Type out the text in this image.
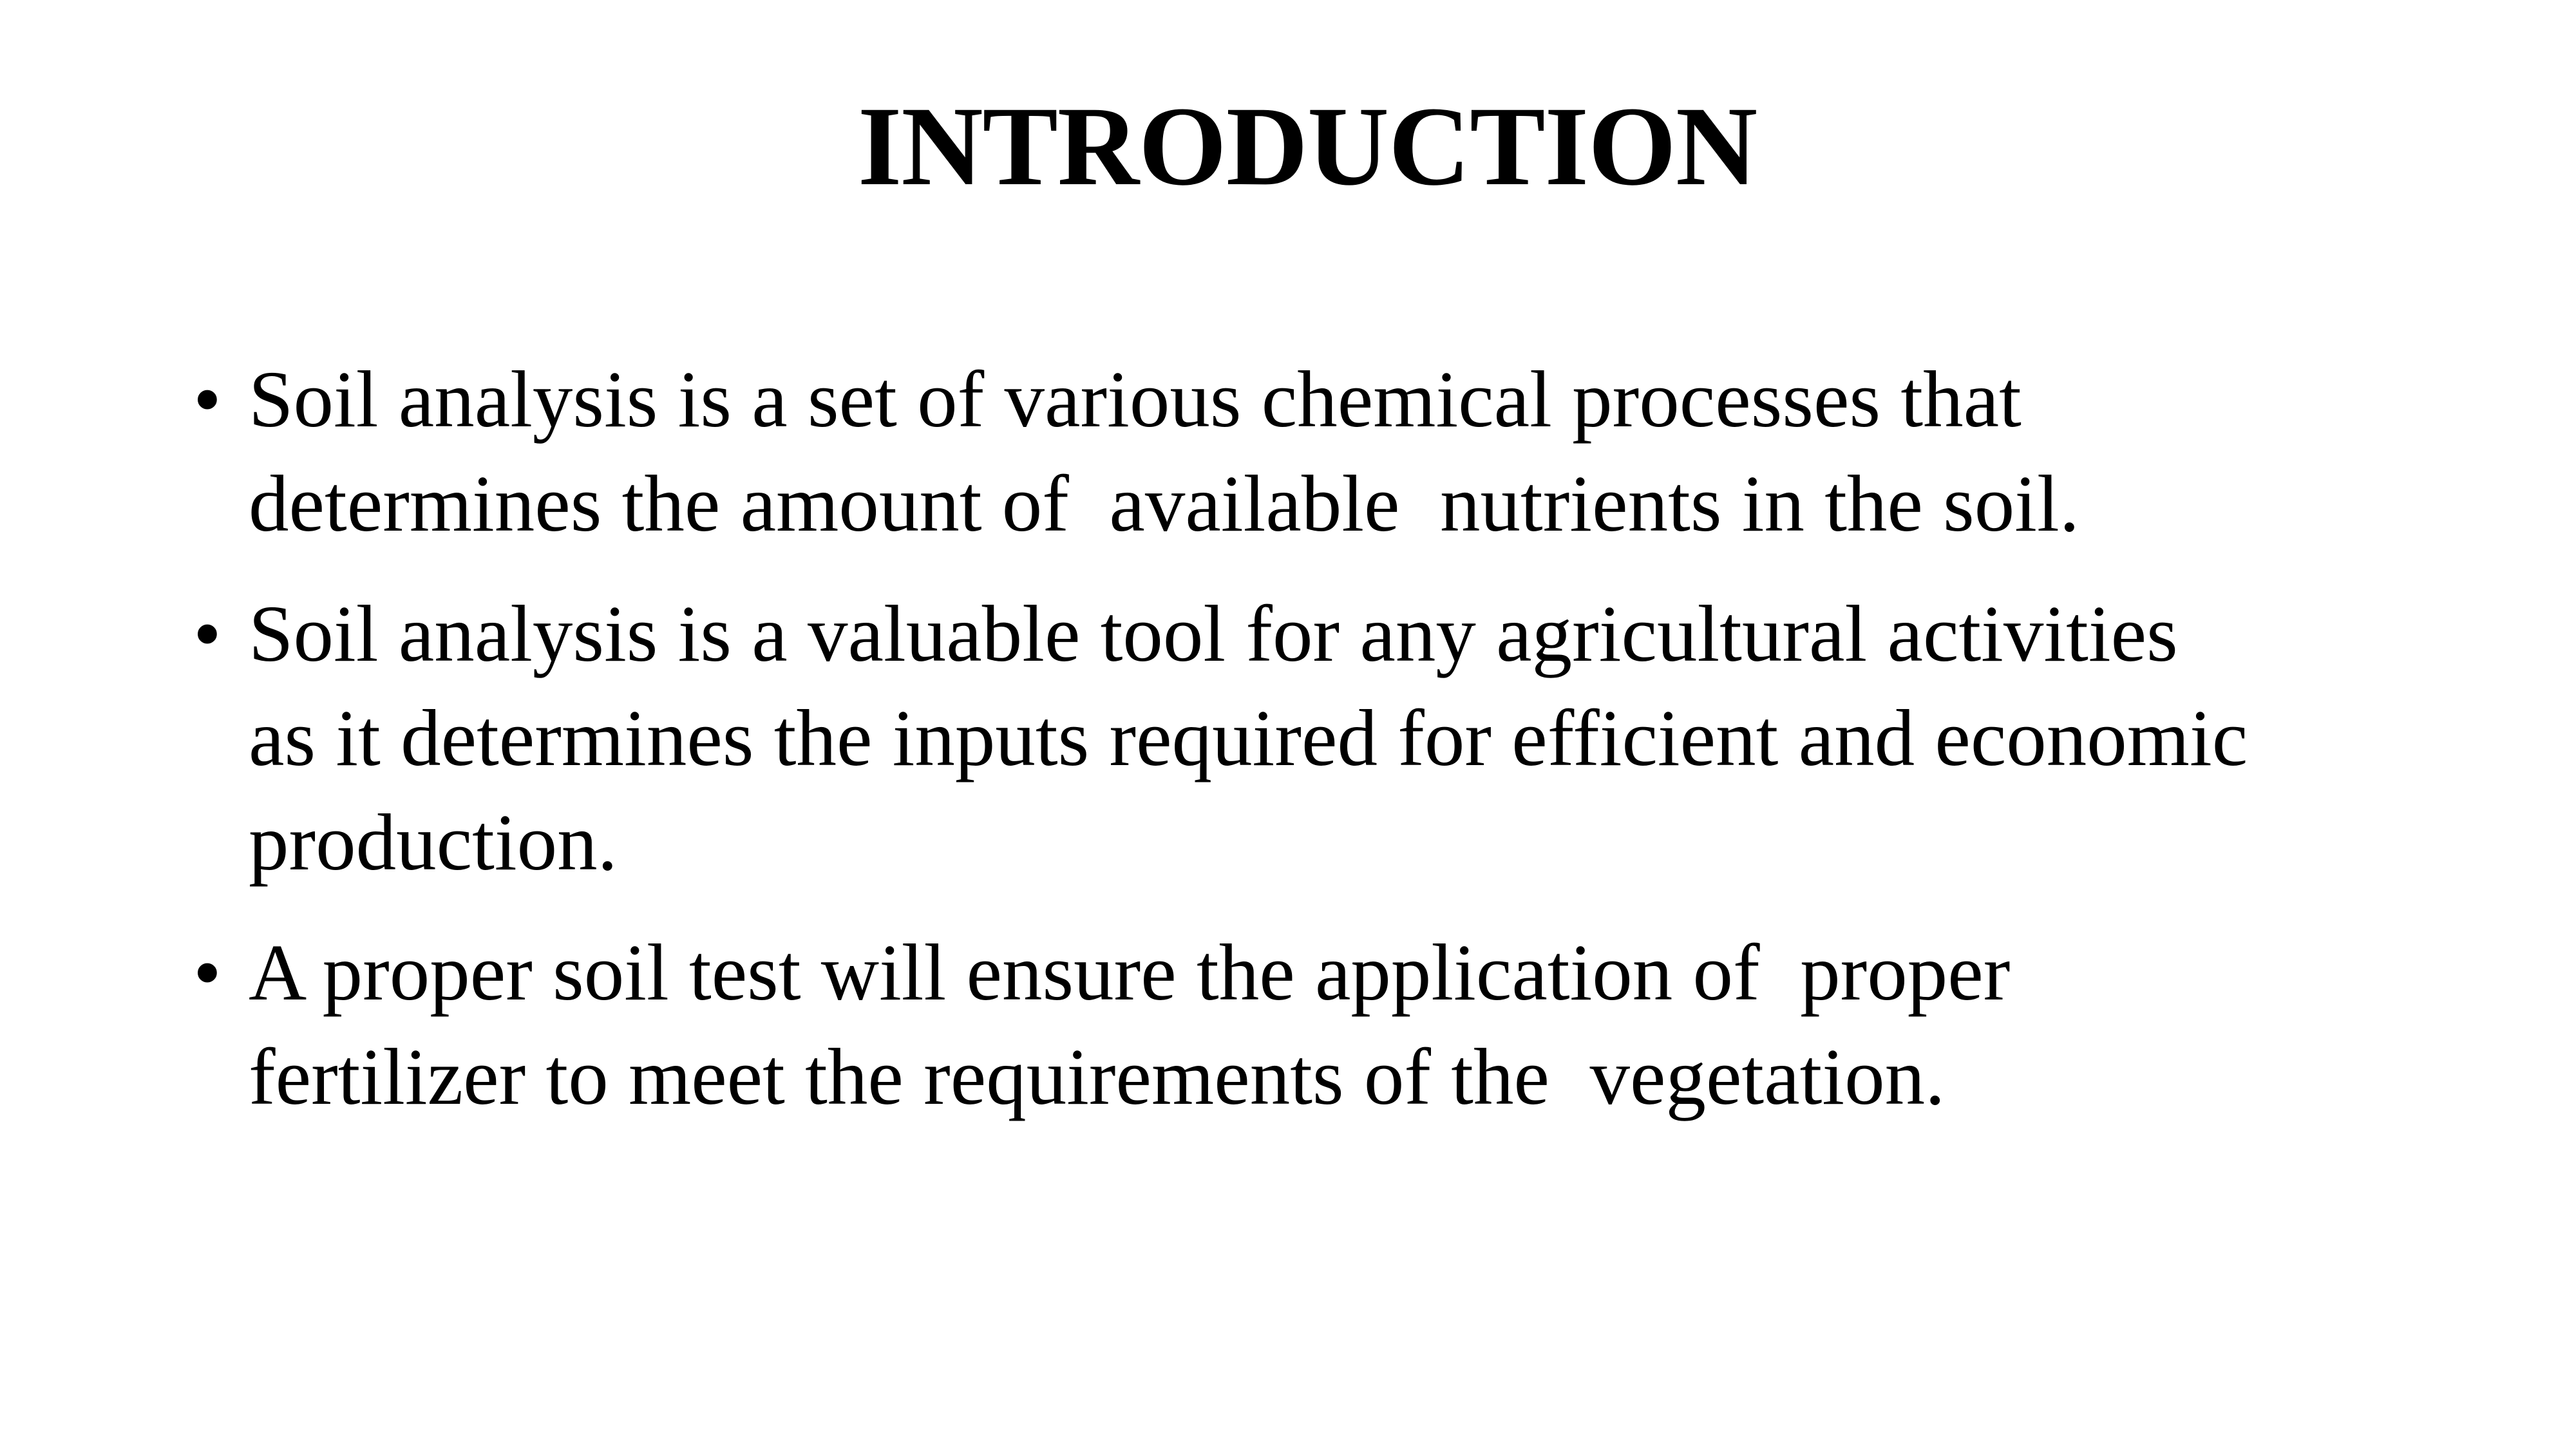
INTRODUCTION
• Soil analysis is a set of various chemical processes that
determines the amount of  available  nutrients in the soil.
• Soil analysis is a valuable tool for any agricultural activities
as it determines the inputs required for efficient and economic
production.
• A proper soil test will ensure the application of  proper
fertilizer to meet the requirements of the  vegetation.
